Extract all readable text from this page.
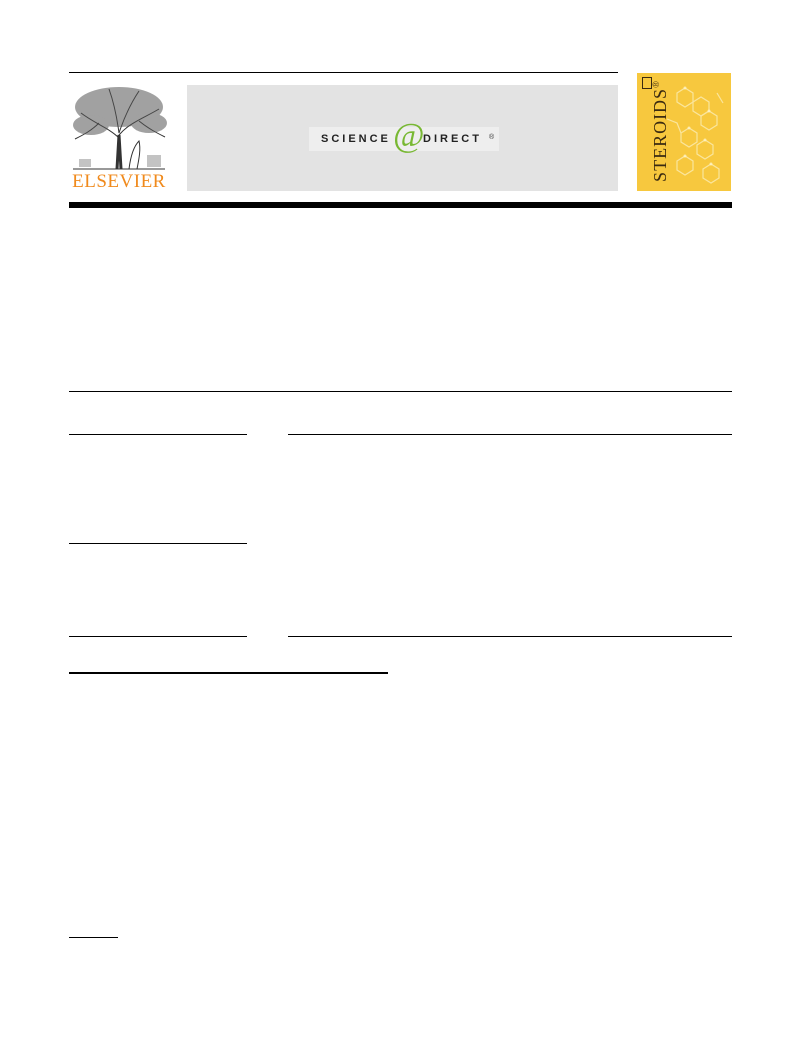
ELSEVIER
SCIENCE @
DIRECT ®	STEROIDS®
